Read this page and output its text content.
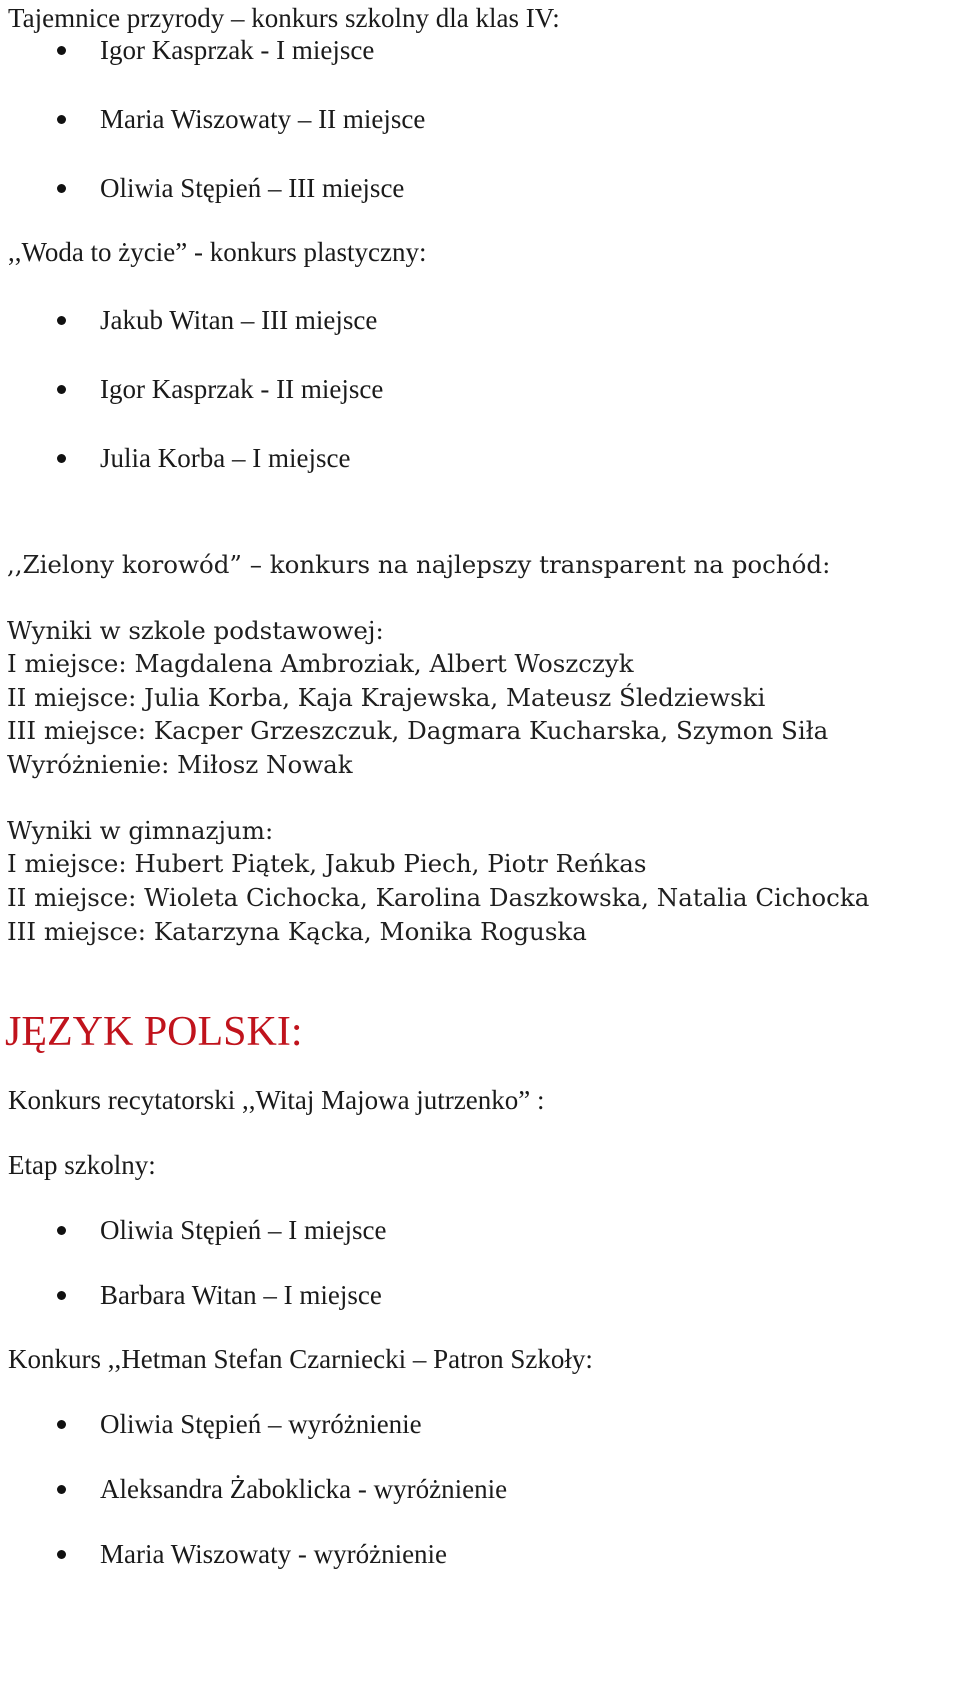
Tajemnice przyrody – konkurs szkolny dla klas IV:

Igor Kasprzak - I miejsce

Maria Wiszowaty – II miejsce

Oliwia Stępień – III miejsce

,,Woda to życie” - konkurs plastyczny:

Jakub Witan – III miejsce

Igor Kasprzak - II miejsce

Julia Korba – I miejsce

,,Zielony korowód” – konkurs na najlepszy transparent na pochód:

Wyniki w szkole podstawowej:

I miejsce: Magdalena Ambroziak, Albert Woszczyk

II miejsce: Julia Korba, Kaja Krajewska, Mateusz Śledziewski

III miejsce: Kacper Grzeszczuk, Dagmara Kucharska, Szymon Siła

Wyróżnienie: Miłosz Nowak

Wyniki w gimnazjum:

I miejsce: Hubert Piątek, Jakub Piech, Piotr Reńkas

II miejsce: Wioleta Cichocka, Karolina Daszkowska, Natalia Cichocka

III miejsce: Katarzyna Kącka, Monika Roguska

JĘZYK POLSKI:

Konkurs recytatorski ,,Witaj Majowa jutrzenko” :

Etap szkolny:

Oliwia Stępień – I miejsce

Barbara Witan – I miejsce

Konkurs ,,Hetman Stefan Czarniecki – Patron Szkoły:

Oliwia Stępień – wyróżnienie

Aleksandra Żaboklicka - wyróżnienie

Maria Wiszowaty - wyróżnienie
